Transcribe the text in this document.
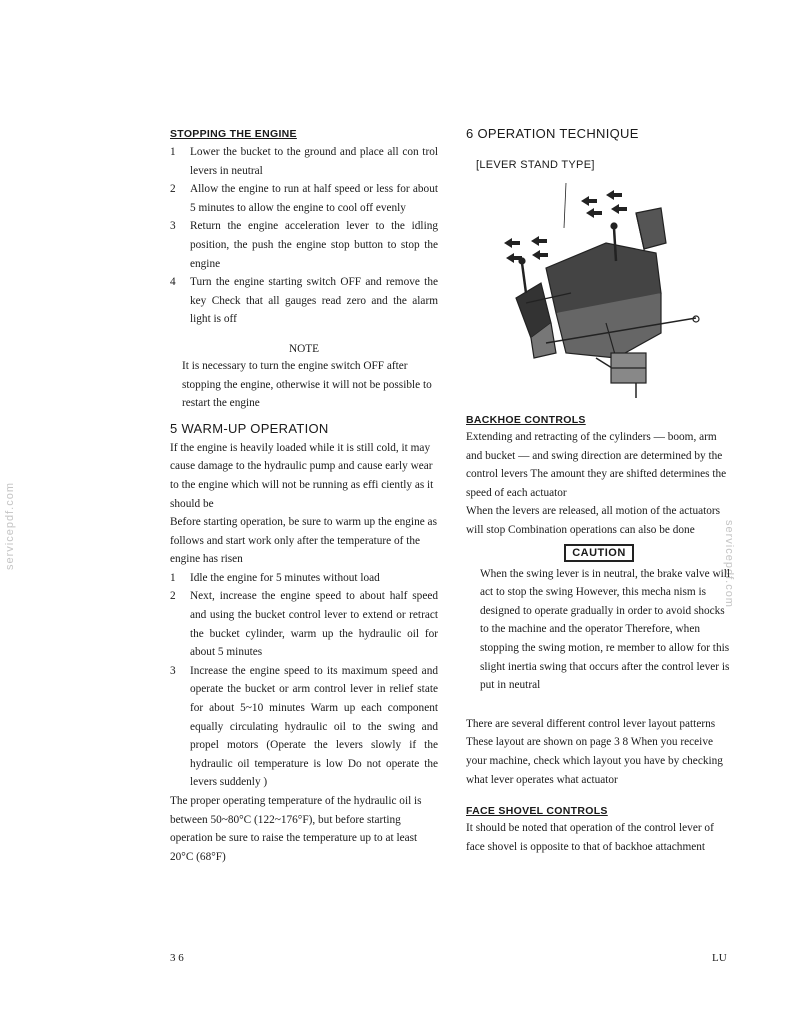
servicepdf.com	servicepdf.com
STOPPING THE ENGINE
1	Lower the bucket to the ground and place all con trol levers in neutral
2	Allow the engine to run at half speed or less for about 5 minutes to allow the engine to cool off evenly
3	Return the engine acceleration lever to the idling position, the push the engine stop button to stop the engine
4	Turn the engine starting switch OFF and remove the key Check that all gauges read zero and the alarm light is off
NOTE
It is necessary to turn the engine switch OFF after stopping the engine, otherwise it will not be possible to restart the engine
5 WARM-UP OPERATION
If the engine is heavily loaded while it is still cold, it may cause damage to the hydraulic pump and cause early wear to the engine which will not be running as effi ciently as it should be
Before starting operation, be sure to warm up the engine as follows and start work only after the temperature of the engine has risen
1	Idle the engine for 5 minutes without load
2	Next, increase the engine speed to about half speed and using the bucket control lever to extend or retract the bucket cylinder, warm up the hydraulic oil for about 5 minutes
3	Increase the engine speed to its maximum speed and operate the bucket or arm control lever in relief state for about 5~10 minutes Warm up each component equally circulating hydraulic oil to the swing and propel motors (Operate the levers slowly if the hydraulic oil temperature is low Do not operate the levers suddenly )
The proper operating temperature of the hydraulic oil is between 50~80°C (122~176°F), but before starting operation be sure to raise the temperature up to at least 20°C (68°F)
6 OPERATION TECHNIQUE
[LEVER STAND TYPE]
BACKHOE CONTROLS
Extending and retracting of the cylinders — boom, arm and bucket — and swing direction are determined by the control levers The amount they are shifted determines the speed of each actuator
When the levers are released, all motion of the actuators will stop Combination operations can also be done
CAUTION
When the swing lever is in neutral, the brake valve will act to stop the swing However, this mecha nism is designed to operate gradually in order to avoid shocks to the machine and the operator Therefore, when stopping the swing motion, re member to allow for this slight inertia swing that occurs after the control lever is put in neutral
There are several different control lever layout patterns These layout are shown on page 3 8 When you receive your machine, check which layout you have by checking what lever operates what actuator
FACE SHOVEL CONTROLS
It should be noted that operation of the control lever of face shovel is opposite to that of backhoe attachment
3 6	LU
